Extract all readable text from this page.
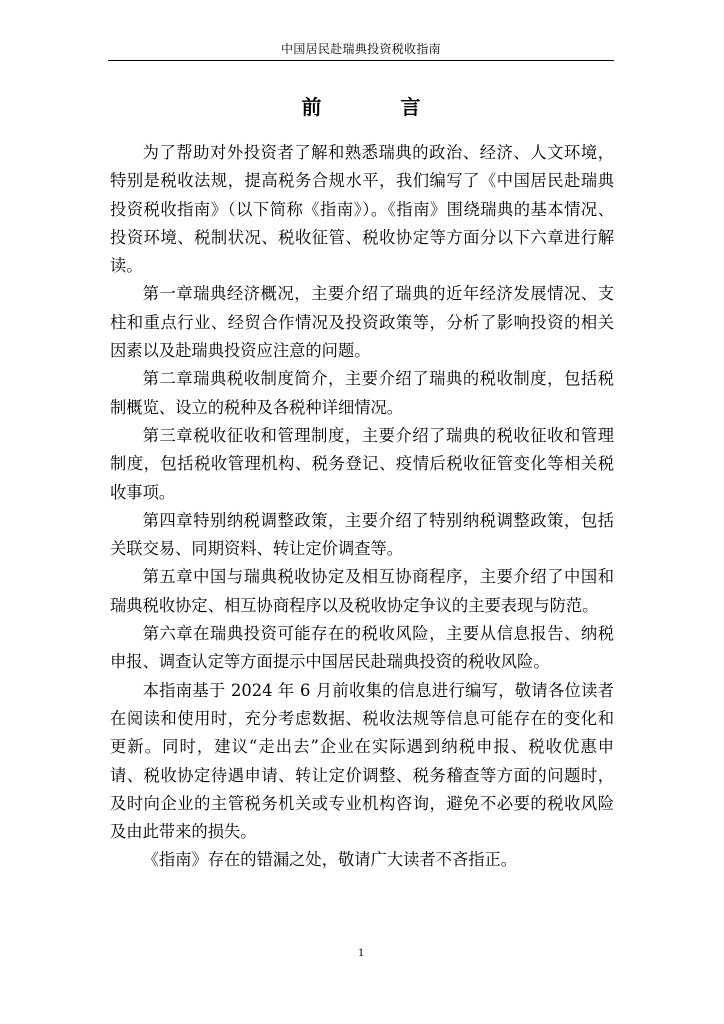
中国居民赴瑞典投资税收指南
前 言

为了帮助对外投资者了解和熟悉瑞典的政治、经济、人文环境，特别是税收法规，提高税务合规水平，我们编写了《中国居民赴瑞典投资税收指南》（以下简称《指南》）。《指南》围绕瑞典的基本情况、投资环境、税制状况、税收征管、税收协定等方面分以下六章进行解读。

第一章瑞典经济概况，主要介绍了瑞典的近年经济发展情况、支柱和重点行业、经贸合作情况及投资政策等，分析了影响投资的相关因素以及赴瑞典投资应注意的问题。

第二章瑞典税收制度简介，主要介绍了瑞典的税收制度，包括税制概览、设立的税种及各税种详细情况。

第三章税收征收和管理制度，主要介绍了瑞典的税收征收和管理制度，包括税收管理机构、税务登记、疫情后税收征管变化等相关税收事项。

第四章特别纳税调整政策，主要介绍了特别纳税调整政策，包括关联交易、同期资料、转让定价调查等。

第五章中国与瑞典税收协定及相互协商程序，主要介绍了中国和瑞典税收协定、相互协商程序以及税收协定争议的主要表现与防范。

第六章在瑞典投资可能存在的税收风险，主要从信息报告、纳税申报、调查认定等方面提示中国居民赴瑞典投资的税收风险。

本指南基于 2024 年 6 月前收集的信息进行编写，敬请各位读者在阅读和使用时，充分考虑数据、税收法规等信息可能存在的变化和更新。同时，建议“走出去”企业在实际遇到纳税申报、税收优惠申请、税收协定待遇申请、转让定价调整、税务稽查等方面的问题时，及时向企业的主管税务机关或专业机构咨询，避免不必要的税收风险及由此带来的损失。

《指南》存在的错漏之处，敬请广大读者不吝指正。

1
